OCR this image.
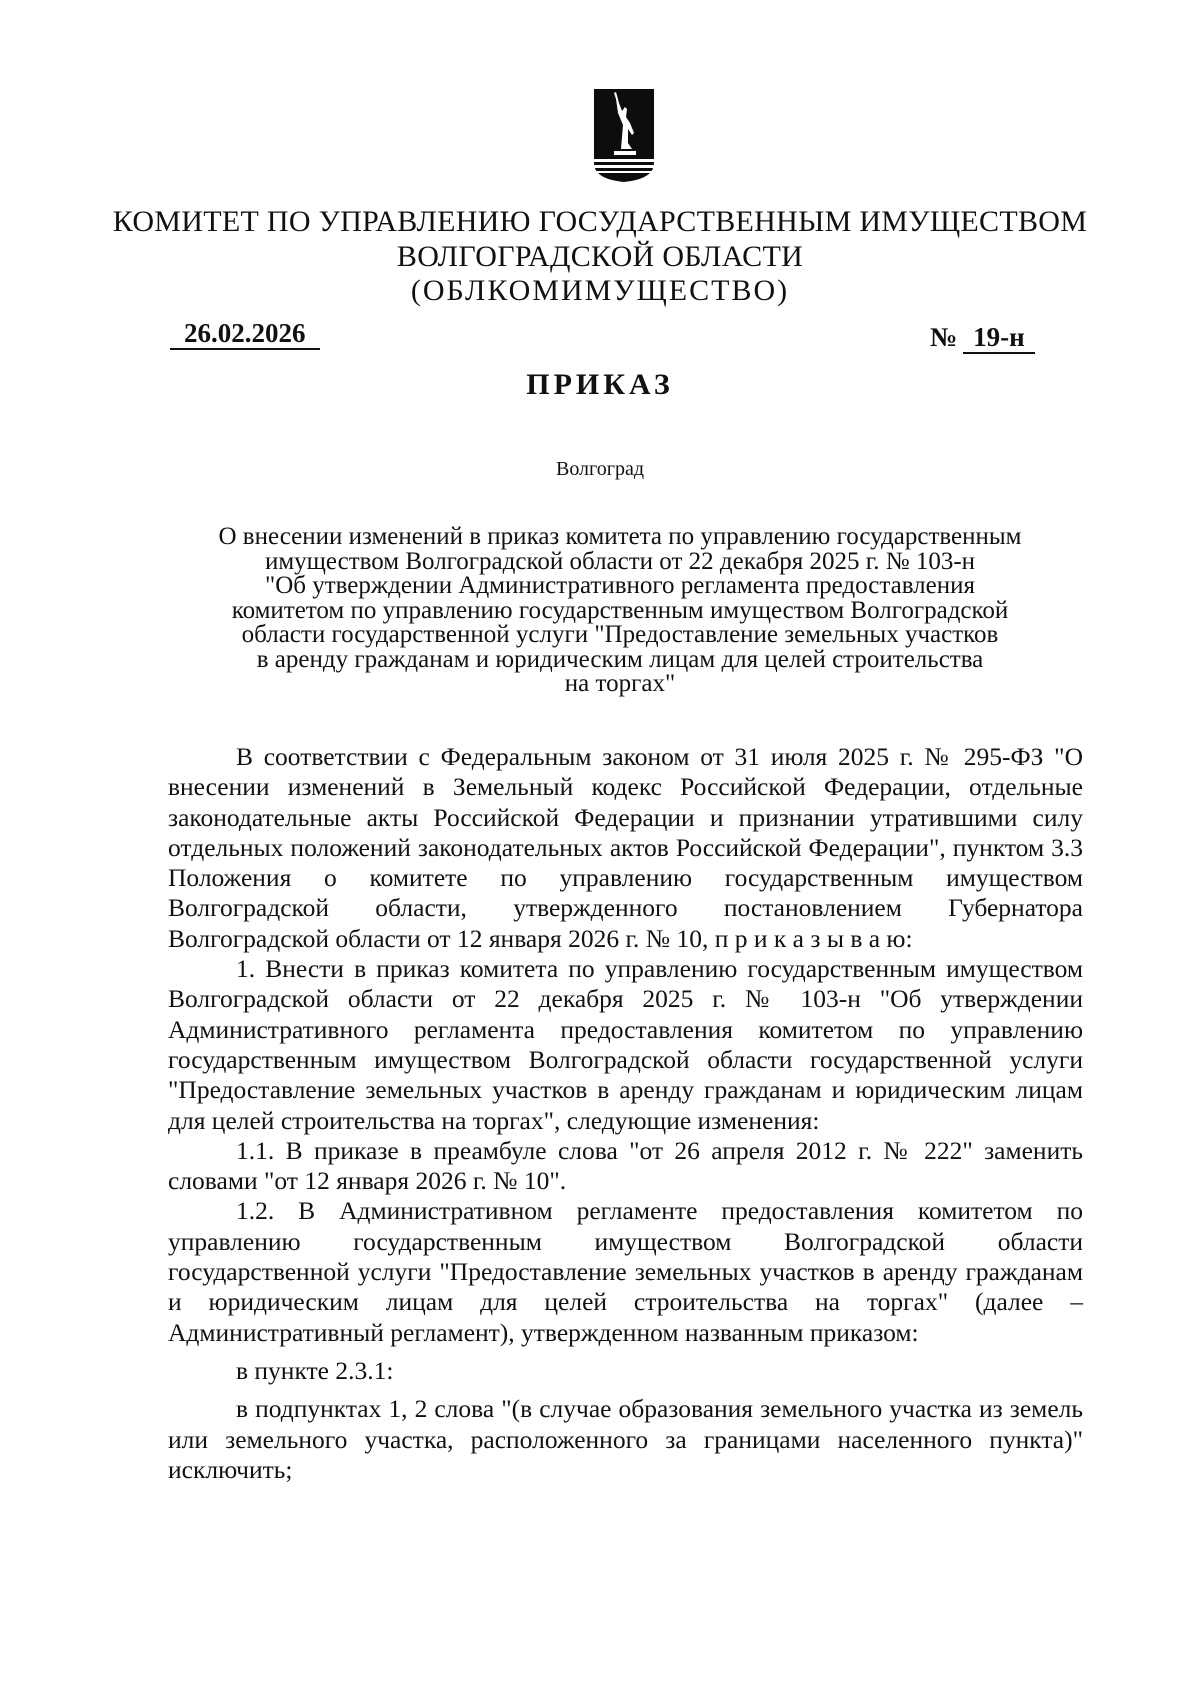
КОМИТЕТ ПО УПРАВЛЕНИЮ ГОСУДАРСТВЕННЫМ ИМУЩЕСТВОМ
ВОЛГОГРАДСКОЙ ОБЛАСТИ
(ОБЛКОМИМУЩЕСТВО)
26.02.2026	№ 19-н
ПРИКАЗ
Волгоград

О внесении изменений в приказ комитета по управлению государственным

имуществом Волгоградской области от 22 декабря 2025 г. № 103-н

"Об утверждении Административного регламента предоставления

комитетом по управлению государственным имуществом Волгоградской

области государственной услуги "Предоставление земельных участков

в аренду гражданам и юридическим лицам для целей строительства

на торгах"

В соответствии с Федеральным законом от 31 июля 2025 г. № 295-ФЗ "О внесении изменений в Земельный кодекс Российской Федерации, отдельные законодательные акты Российской Федерации и признании утратившими силу отдельных положений законодательных актов Российской Федерации", пунктом 3.3 Положения о комитете по управлению государственным имуществом Волгоградской области, утвержденного постановлением Губернатора Волгоградской области от 12 января 2026 г. № 10, п р и к а з ы в а ю:

1. Внести в приказ комитета по управлению государственным имуществом Волгоградской области от 22 декабря 2025 г. № 103-н "Об утверждении Административного регламента предоставления комитетом по управлению государственным имуществом Волгоградской области государственной услуги "Предоставление земельных участков в аренду гражданам и юридическим лицам для целей строительства на торгах", следующие изменения:

1.1. В приказе в преамбуле слова "от 26 апреля 2012 г. № 222" заменить словами "от 12 января 2026 г. № 10".

1.2. В Административном регламенте предоставления комитетом по управлению государственным имуществом Волгоградской области государственной услуги "Предоставление земельных участков в аренду гражданам и юридическим лицам для целей строительства на торгах" (далее – Административный регламент), утвержденном названным приказом:

в пункте 2.3.1:

в подпунктах 1, 2 слова "(в случае образования земельного участка из земель или земельного участка, расположенного за границами населенного пункта)" исключить;
